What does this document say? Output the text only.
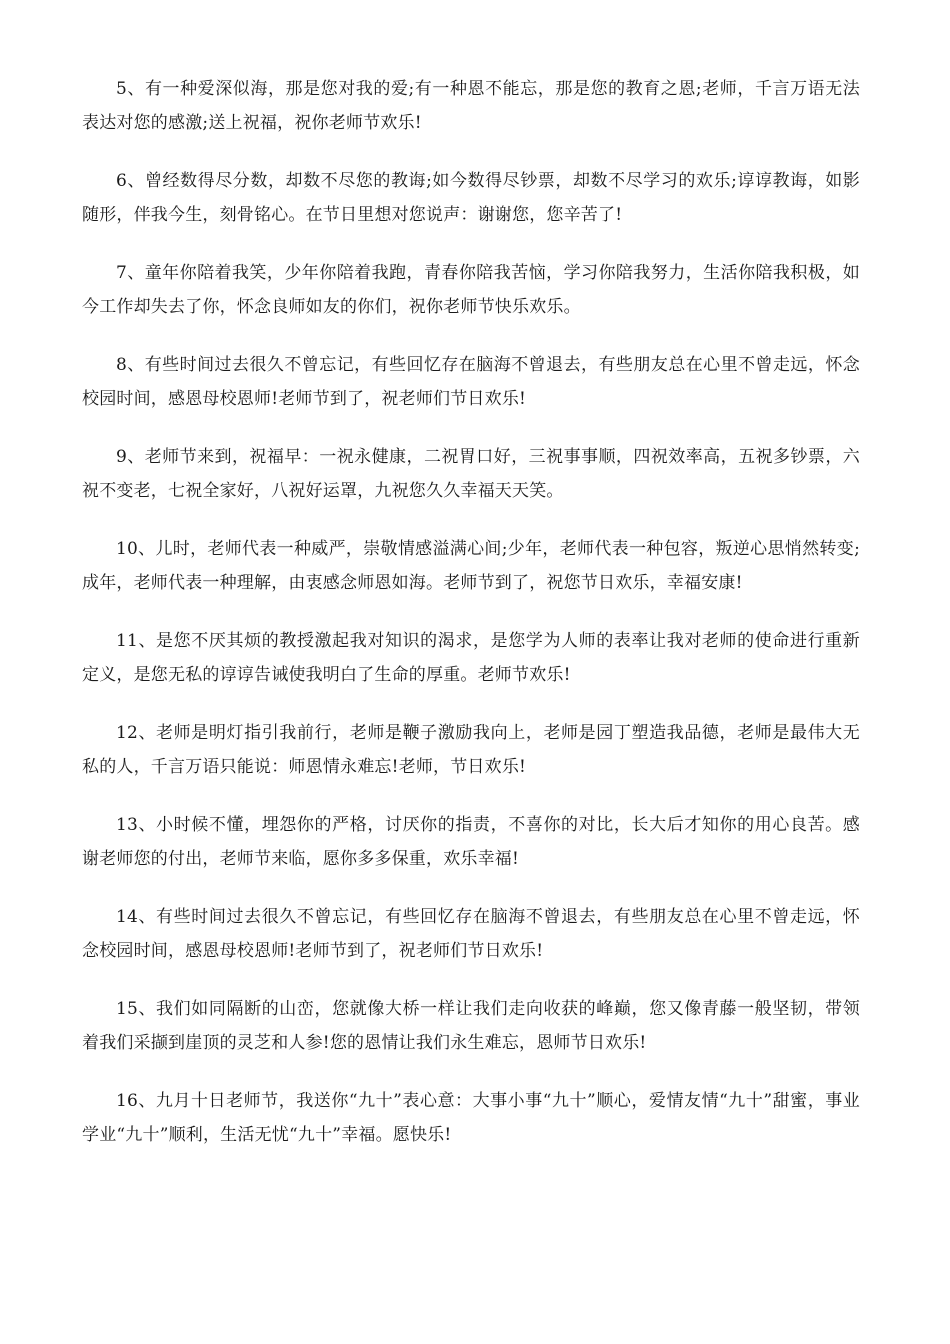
5、有一种爱深似海，那是您对我的爱;有一种恩不能忘，那是您的教育之恩;老师，千言万语无法表达对您的感激;送上祝福，祝你老师节欢乐!

6、曾经数得尽分数，却数不尽您的教诲;如今数得尽钞票，却数不尽学习的欢乐;谆谆教诲，如影随形，伴我今生，刻骨铭心。在节日里想对您说声：谢谢您，您辛苦了!

7、童年你陪着我笑，少年你陪着我跑，青春你陪我苦恼，学习你陪我努力，生活你陪我积极，如今工作却失去了你，怀念良师如友的你们，祝你老师节快乐欢乐。

8、有些时间过去很久不曾忘记，有些回忆存在脑海不曾退去，有些朋友总在心里不曾走远，怀念校园时间，感恩母校恩师!老师节到了，祝老师们节日欢乐!

9、老师节来到，祝福早：一祝永健康，二祝胃口好，三祝事事顺，四祝效率高，五祝多钞票，六祝不变老，七祝全家好，八祝好运罩，九祝您久久幸福天天笑。

10、儿时，老师代表一种威严，崇敬情感溢满心间;少年，老师代表一种包容，叛逆心思悄然转变;成年，老师代表一种理解，由衷感念师恩如海。老师节到了，祝您节日欢乐，幸福安康!

11、是您不厌其烦的教授激起我对知识的渴求，是您学为人师的表率让我对老师的使命进行重新定义，是您无私的谆谆告诫使我明白了生命的厚重。老师节欢乐!

12、老师是明灯指引我前行，老师是鞭子激励我向上，老师是园丁塑造我品德，老师是最伟大无私的人，千言万语只能说：师恩情永难忘!老师，节日欢乐!

13、小时候不懂，埋怨你的严格，讨厌你的指责，不喜你的对比，长大后才知你的用心良苦。感谢老师您的付出，老师节来临，愿你多多保重，欢乐幸福!

14、有些时间过去很久不曾忘记，有些回忆存在脑海不曾退去，有些朋友总在心里不曾走远，怀念校园时间，感恩母校恩师!老师节到了，祝老师们节日欢乐!

15、我们如同隔断的山峦，您就像大桥一样让我们走向收获的峰巅，您又像青藤一般坚韧，带领着我们采撷到崖顶的灵芝和人参!您的恩情让我们永生难忘，恩师节日欢乐!

16、九月十日老师节，我送你“九十”表心意：大事小事“九十”顺心，爱情友情“九十”甜蜜，事业学业“九十”顺利，生活无忧“九十”幸福。愿快乐!
